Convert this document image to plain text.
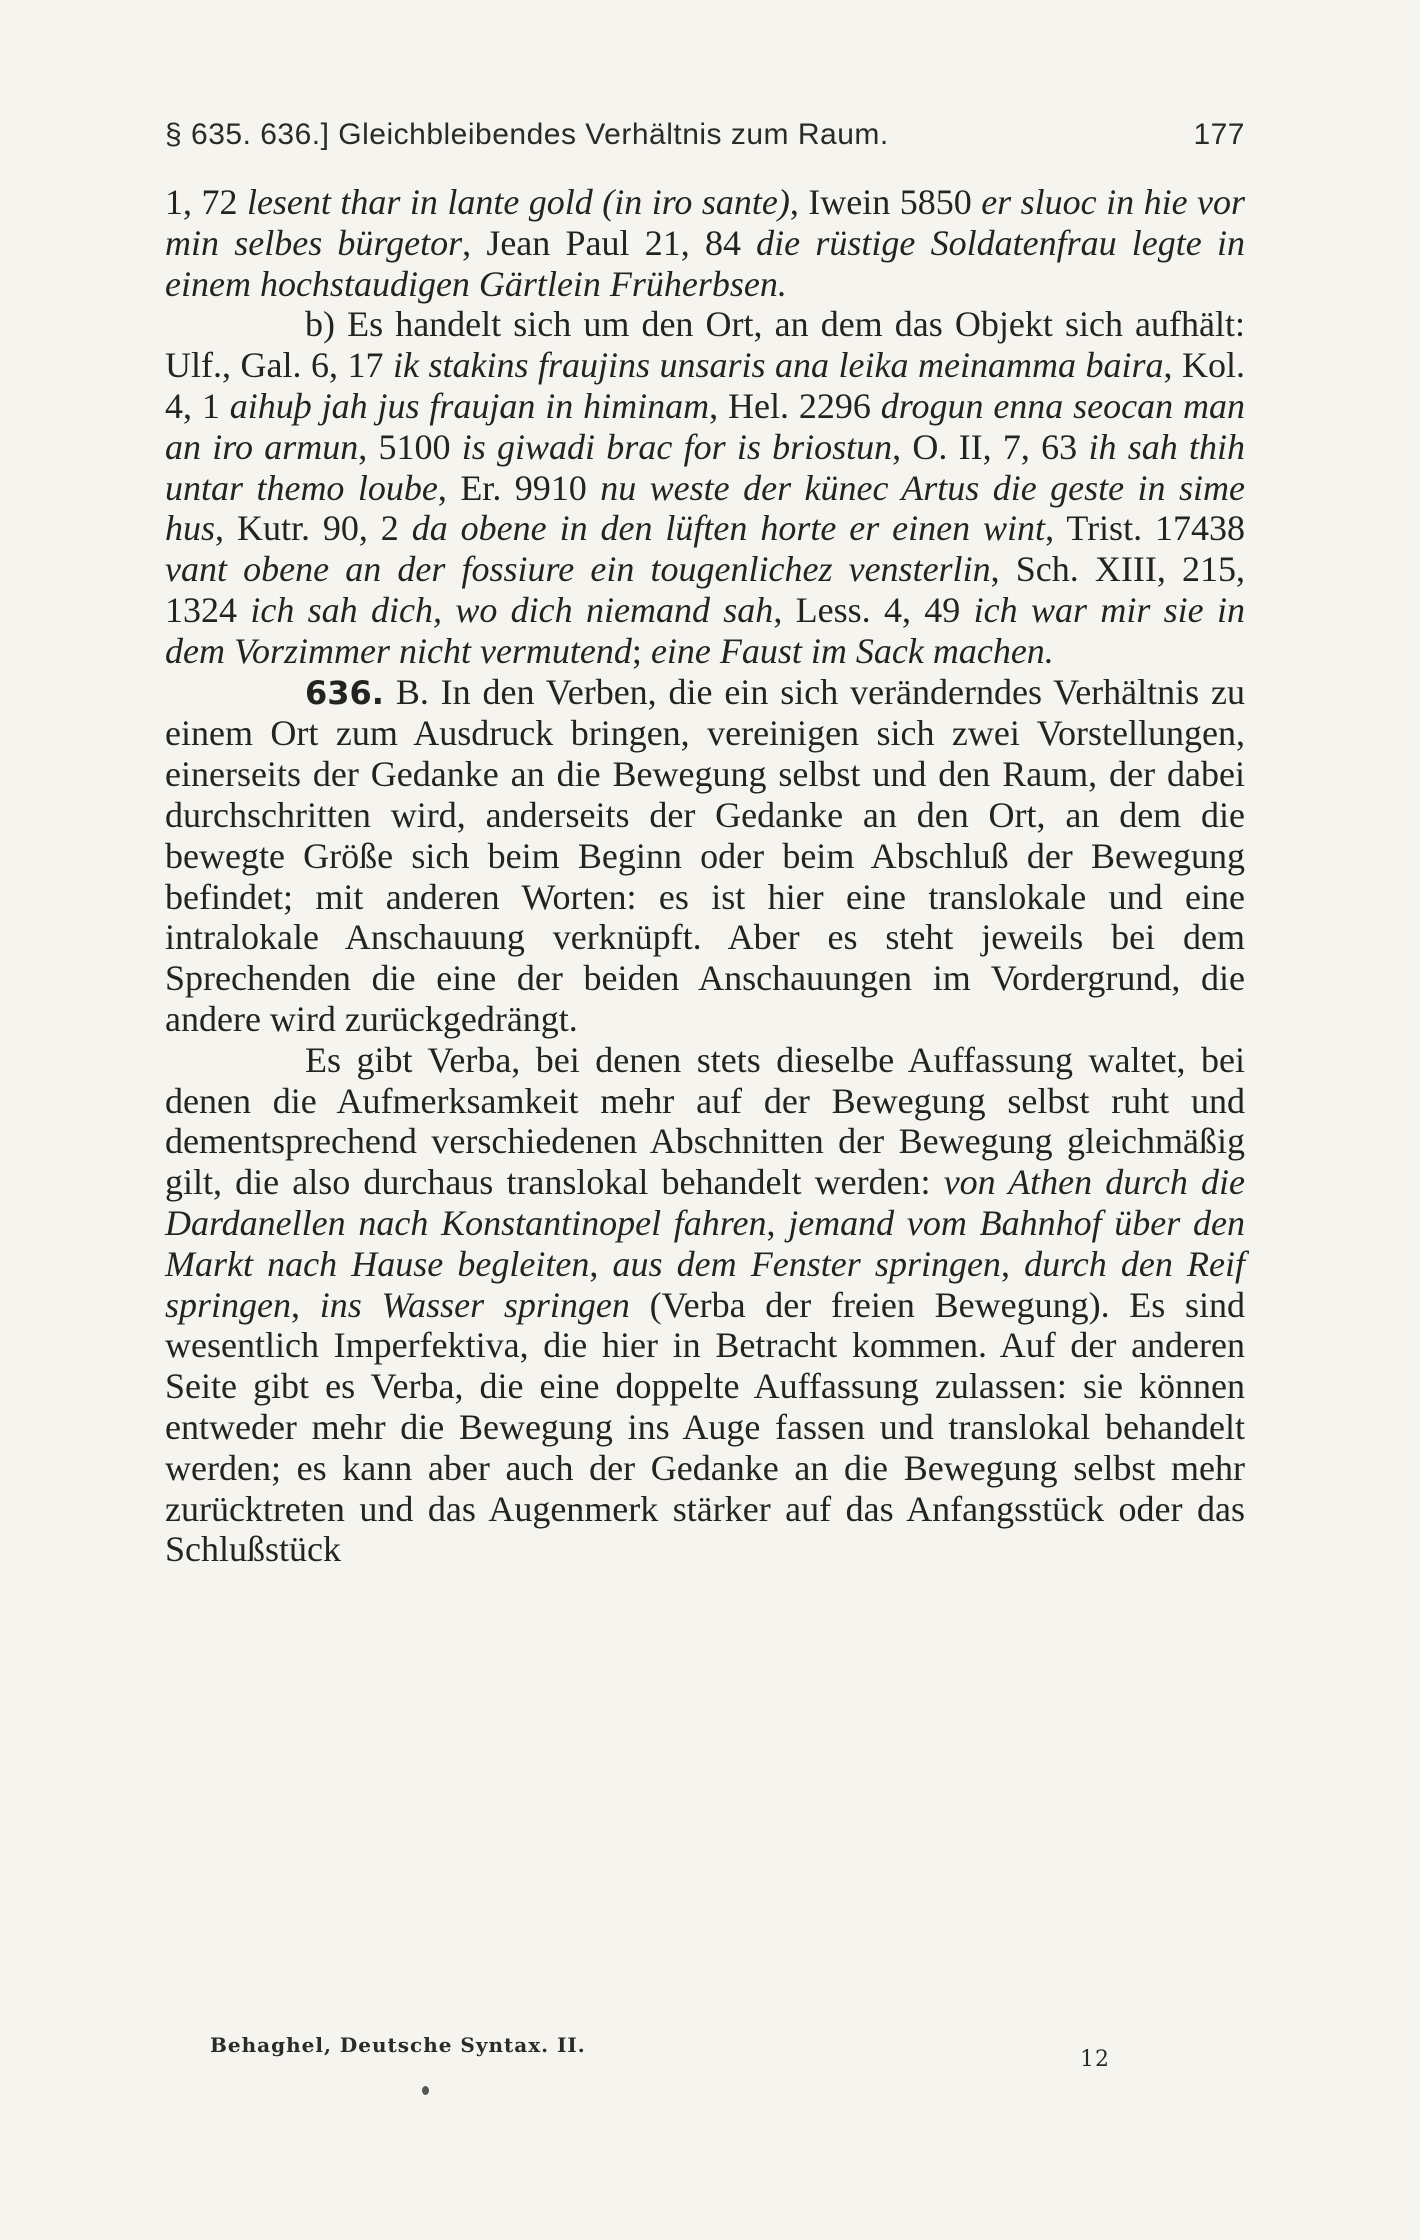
§ 635. 636.] Gleichbleibendes Verhältnis zum Raum.	177

1, 72 lesent thar in lante gold (in iro sante), Iwein 5850 er sluoc in hie vor min selbes bürgetor, Jean Paul 21, 84 die rüstige Soldatenfrau legte in einem hochstaudigen Gärtlein Früherbsen.

b) Es handelt sich um den Ort, an dem das Objekt sich aufhält: Ulf., Gal. 6, 17 ik stakins fraujins unsaris ana leika meinamma baira, Kol. 4, 1 aihuþ jah jus fraujan in himinam, Hel. 2296 drogun enna seocan man an iro armun, 5100 is giwadi brac for is briostun, O. II, 7, 63 ih sah thih untar themo loube, Er. 9910 nu weste der künec Artus die geste in sime hus, Kutr. 90, 2 da obene in den lüften horte er einen wint, Trist. 17438 vant obene an der fossiure ein tougenlichez vensterlin, Sch. XIII, 215, 1324 ich sah dich, wo dich niemand sah, Less. 4, 49 ich war mir sie in dem Vorzimmer nicht vermutend; eine Faust im Sack machen.

636. B. In den Verben, die ein sich veränderndes Verhältnis zu einem Ort zum Ausdruck bringen, vereinigen sich zwei Vorstellungen, einerseits der Gedanke an die Bewegung selbst und den Raum, der dabei durchschritten wird, anderseits der Gedanke an den Ort, an dem die bewegte Größe sich beim Beginn oder beim Abschluß der Bewegung befindet; mit anderen Worten: es ist hier eine translokale und eine intralokale Anschauung verknüpft. Aber es steht jeweils bei dem Sprechenden die eine der beiden Anschauungen im Vordergrund, die andere wird zurückgedrängt.

Es gibt Verba, bei denen stets dieselbe Auffassung waltet, bei denen die Aufmerksamkeit mehr auf der Bewegung selbst ruht und dementsprechend verschiedenen Abschnitten der Bewegung gleichmäßig gilt, die also durchaus translokal behandelt werden: von Athen durch die Dardanellen nach Konstantinopel fahren, jemand vom Bahnhof über den Markt nach Hause begleiten, aus dem Fenster springen, durch den Reif springen, ins Wasser springen (Verba der freien Bewegung). Es sind wesentlich Imperfektiva, die hier in Betracht kommen. Auf der anderen Seite gibt es Verba, die eine doppelte Auffassung zulassen: sie können entweder mehr die Bewegung ins Auge fassen und translokal behandelt werden; es kann aber auch der Gedanke an die Bewegung selbst mehr zurücktreten und das Augenmerk stärker auf das Anfangsstück oder das Schlußstück

Behaghel, Deutsche Syntax. II.
12
